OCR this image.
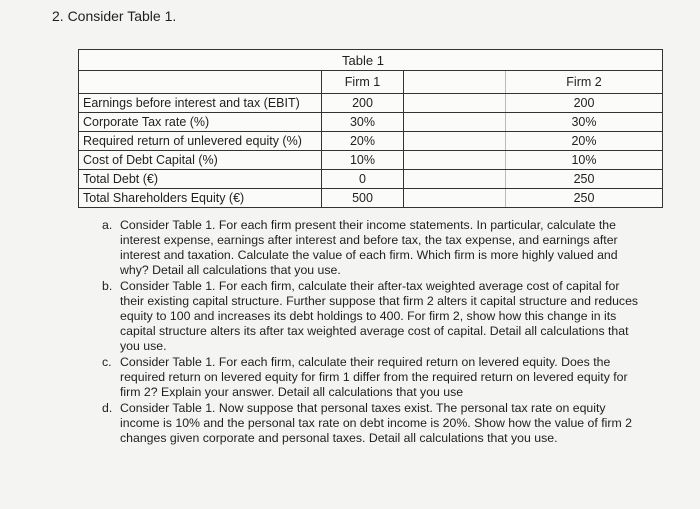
2. Consider Table 1.
Table 1
Firm 1	Firm 2
Earnings before interest and tax (EBIT)	200	200
Corporate Tax rate (%)	30%	30%
Required return of unlevered equity (%)	20%	20%
Cost of Debt Capital (%)	10%	10%
Total Debt (€)	0	250
Total Shareholders Equity (€)	500	250
a. Consider Table 1. For each firm present their income statements. In particular, calculate the interest expense, earnings after interest and before tax, the tax expense, and earnings after interest and taxation. Calculate the value of each firm. Which firm is more highly valued and why? Detail all calculations that you use.
b. Consider Table 1. For each firm, calculate their after-tax weighted average cost of capital for their existing capital structure. Further suppose that firm 2 alters it capital structure and reduces equity to 100 and increases its debt holdings to 400. For firm 2, show how this change in its capital structure alters its after tax weighted average cost of capital. Detail all calculations that you use.
c. Consider Table 1. For each firm, calculate their required return on levered equity. Does the required return on levered equity for firm 1 differ from the required return on levered equity for firm 2? Explain your answer. Detail all calculations that you use
d. Consider Table 1. Now suppose that personal taxes exist. The personal tax rate on equity income is 10% and the personal tax rate on debt income is 20%. Show how the value of firm 2 changes given corporate and personal taxes. Detail all calculations that you use.
